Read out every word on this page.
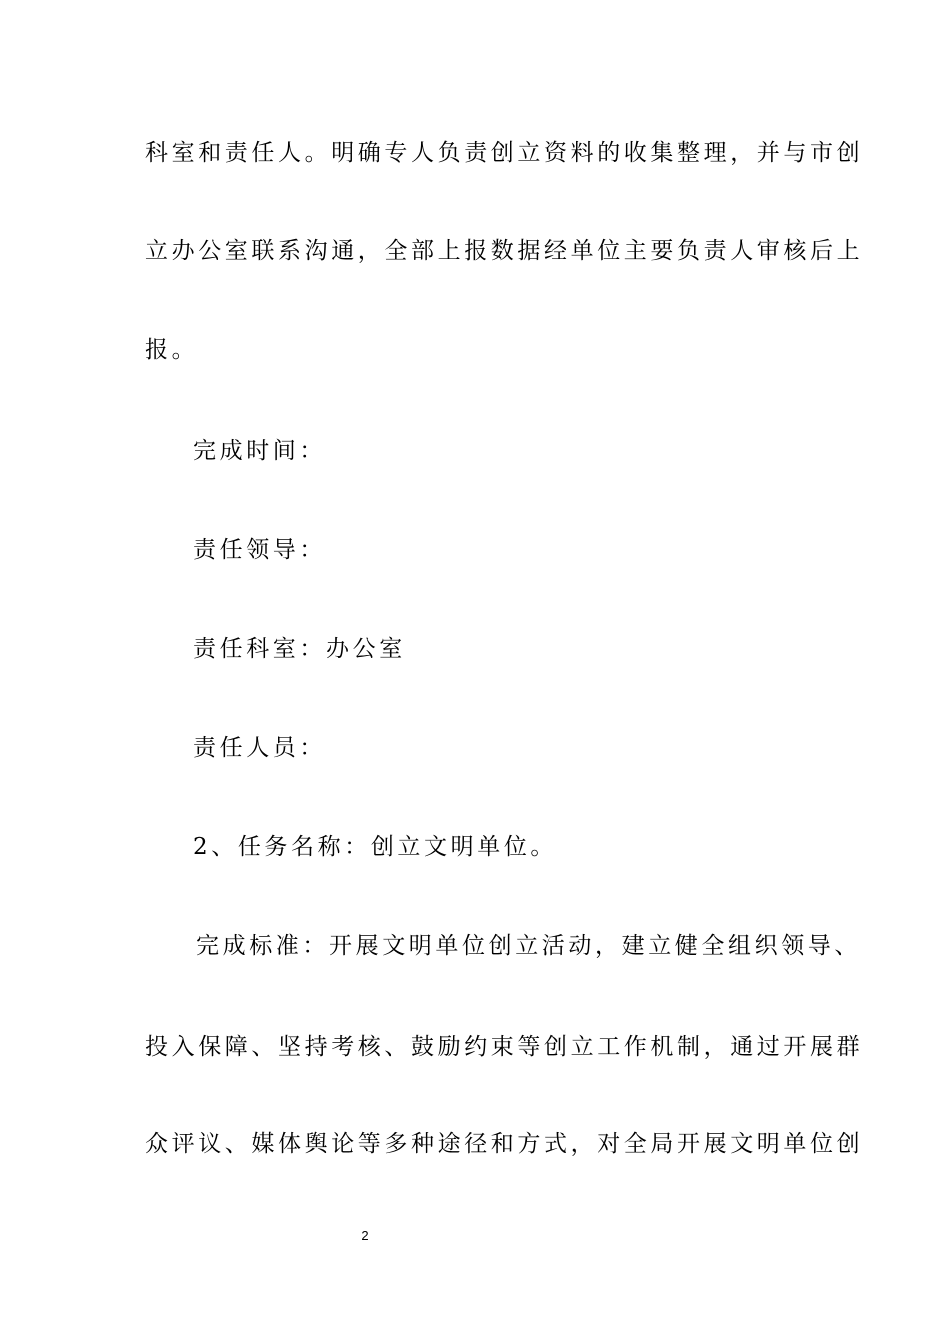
科室和责任人。明确专人负责创立资料的收集整理，并与市创
立办公室联系沟通，全部上报数据经单位主要负责人审核后上
报。
完成时间：
责任领导：
责任科室：办公室
责任人员：
2、任务名称：创立文明单位。
完成标准：开展文明单位创立活动，建立健全组织领导、
投入保障、坚持考核、鼓励约束等创立工作机制，通过开展群
众评议、媒体舆论等多种途径和方式，对全局开展文明单位创
2
